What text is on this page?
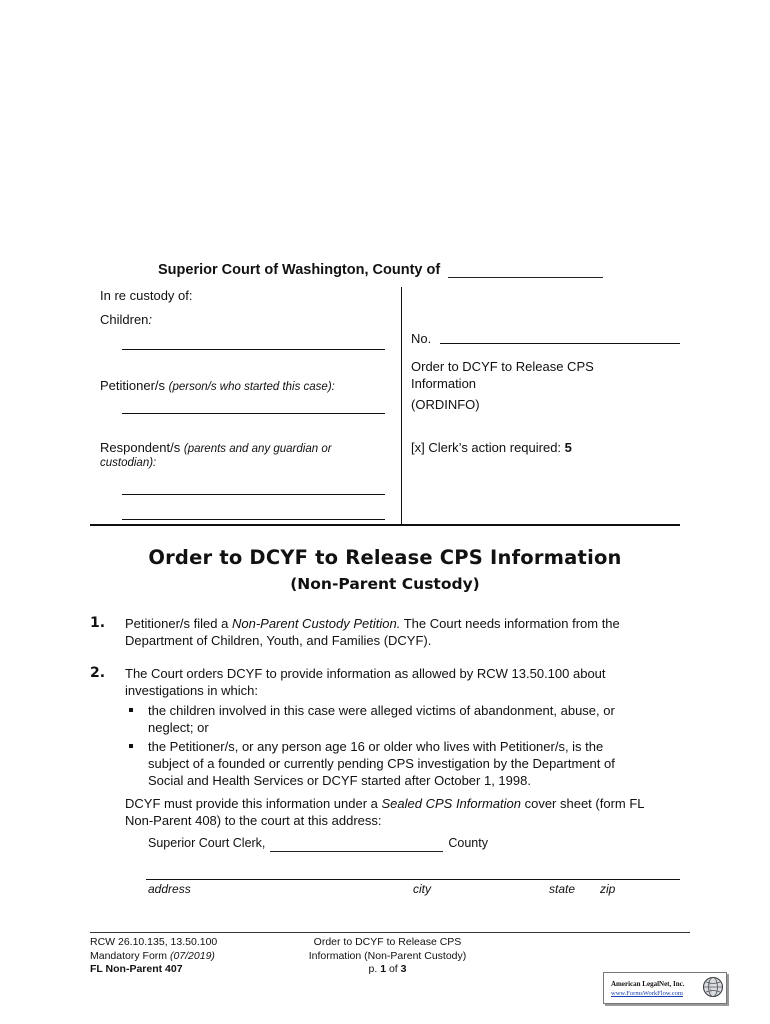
Superior Court of Washington, County of
In re custody of:
Children:
Petitioner/s (person/s who started this case):
Respondent/s (parents and any guardian or
custodian):
No.
Order to DCYF to Release CPS
Information
(ORDINFO)
[x] Clerk’s action required: 5
Order to DCYF to Release CPS Information
(Non-Parent Custody)
1. Petitioner/s filed a Non-Parent Custody Petition. The Court needs information from the
Department of Children, Youth, and Families (DCYF).
2. The Court orders DCYF to provide information as allowed by RCW 13.50.100 about
investigations in which:
the children involved in this case were alleged victims of abandonment, abuse, or
neglect; or
the Petitioner/s, or any person age 16 or older who lives with Petitioner/s, is the
subject of a founded or currently pending CPS investigation by the Department of
Social and Health Services or DCYF started after October 1, 1998.
DCYF must provide this information under a Sealed CPS Information cover sheet (form FL
Non-Parent 408) to the court at this address:
Superior Court Clerk,	County
address	city	state zip
RCW 26.10.135, 13.50.100
Mandatory Form (07/2019)
FL Non-Parent 407
Order to DCYF to Release CPS
Information (Non-Parent Custody)
p. 1 of 3
American LegalNet, Inc.
www.FormsWorkFlow.com
